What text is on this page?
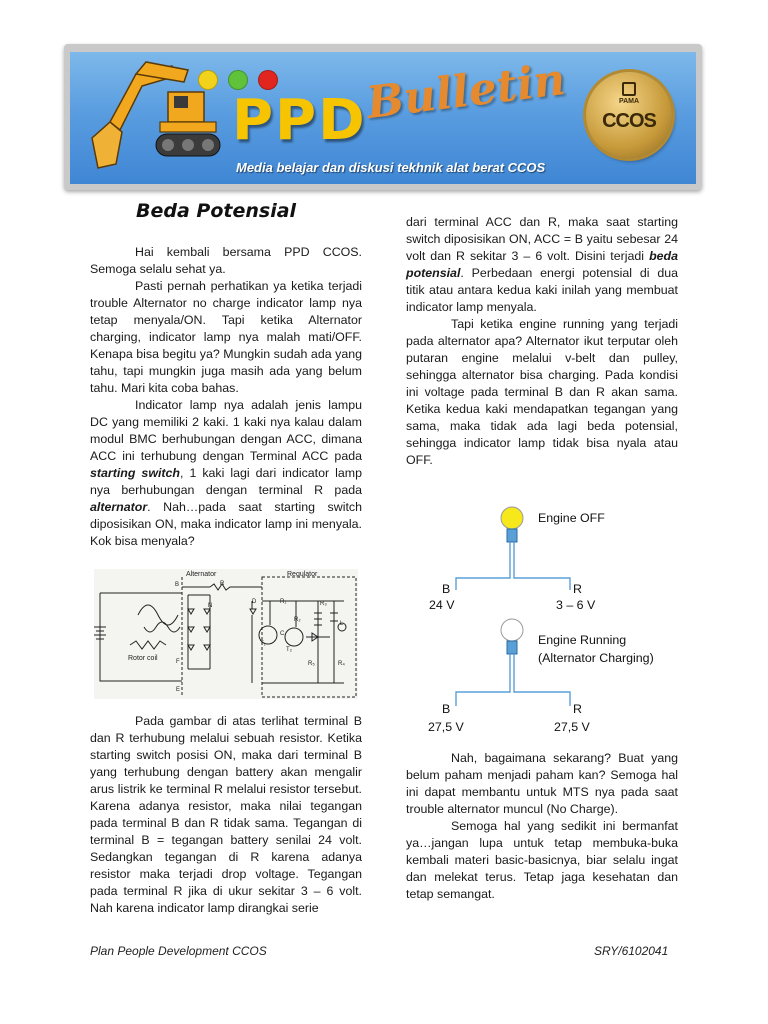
PPD
Bulletin
Media belajar dan diskusi tekhnik alat berat CCOS
PAMA
CCOS
Beda Potensial

Hai kembali bersama PPD CCOS. Semoga selalu sehat ya.

Pasti pernah perhatikan ya ketika terjadi trouble Alternator no charge indicator lamp nya tetap menyala/ON. Tapi ketika Alternator charging, indicator lamp nya malah mati/OFF. Kenapa bisa begitu ya? Mungkin sudah ada yang tahu, tapi mungkin juga masih ada yang belum tahu. Mari kita coba bahas.

Indicator lamp nya adalah jenis lampu DC yang memiliki 2 kaki. 1 kaki nya kalau dalam modul BMC berhubungan dengan ACC, dimana ACC ini terhubung dengan Terminal ACC pada starting switch, 1 kaki lagi dari indicator lamp nya berhubungan dengan terminal R pada alternator. Nah…pada saat starting switch diposisikan ON, maka indicator lamp ini menyala. Kok bisa menyala?

Alternator	Regulator
Rotor coil
B	R
E
F
N
T₁
T₂
R₁
R₂
R₃
R₄
R₅
L
D
C

Pada gambar di atas terlihat terminal B dan R terhubung melalui sebuah resistor. Ketika starting switch posisi ON, maka dari terminal B yang terhubung dengan battery akan mengalir arus listrik ke terminal R melalui resistor tersebut. Karena adanya resistor, maka nilai tegangan pada terminal B dan R tidak sama. Tegangan di terminal B = tegangan battery senilai 24 volt. Sedangkan tegangan di R karena adanya resistor maka terjadi drop voltage. Tegangan pada terminal R jika di ukur sekitar 3 – 6 volt. Nah karena indicator lamp dirangkai serie

dari terminal ACC dan R, maka saat starting switch diposisikan ON, ACC = B yaitu sebesar 24 volt dan R sekitar 3 – 6 volt. Disini terjadi beda potensial. Perbedaan energi potensial di dua titik atau antara kedua kaki inilah yang membuat indicator lamp menyala.

Tapi ketika engine running yang terjadi pada alternator apa? Alternator ikut terputar oleh putaran engine melalui v-belt dan pulley, sehingga alternator bisa charging. Pada kondisi ini voltage pada terminal B dan R akan sama. Ketika kedua kaki mendapatkan tegangan yang sama, maka tidak ada lagi beda potensial, sehingga indicator lamp tidak bisa nyala atau OFF.

Engine OFF
B
24 V
R
3 – 6 V
Engine Running
(Alternator Charging)
B
27,5 V
R
27,5 V

Nah, bagaimana sekarang? Buat yang belum paham menjadi paham kan? Semoga hal ini dapat membantu untuk MTS nya pada saat trouble alternator muncul (No Charge).

Semoga hal yang sedikit ini bermanfat ya…jangan lupa untuk tetap membuka-buka kembali materi basic-basicnya, biar selalu ingat dan melekat terus. Tetap jaga kesehatan dan tetap semangat.

Plan People Development CCOS	SRY/6102041
